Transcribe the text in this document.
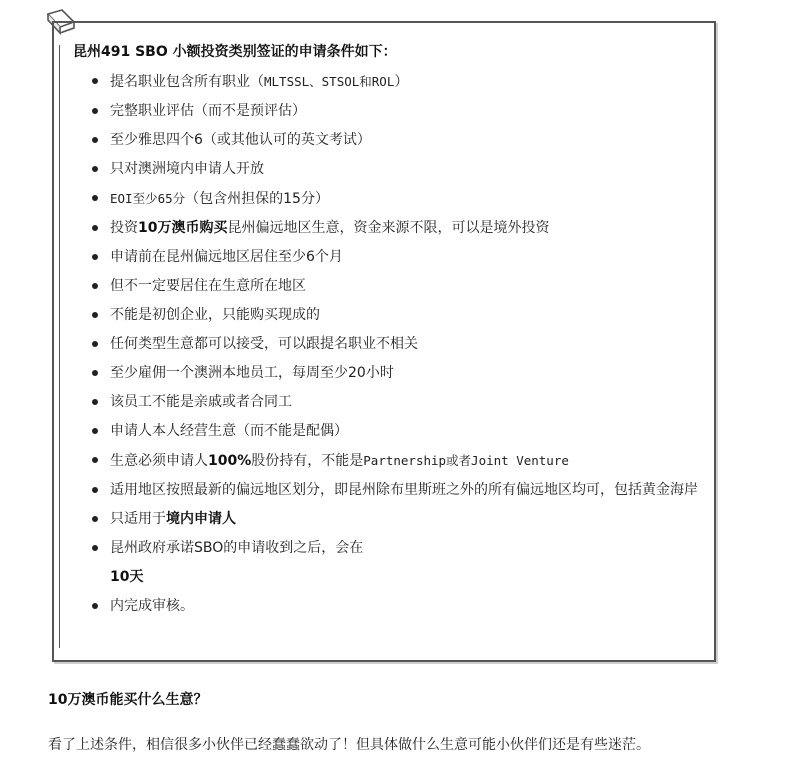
昆州491 SBO 小额投资类别签证的申请条件如下：
提名职业包含所有职业（MLTSSL、STSOL和ROL）
完整职业评估（而不是预评估）
至少雅思四个6（或其他认可的英文考试）
只对澳洲境内申请人开放
EOI至少65分（包含州担保的15分）
投资10万澳币购买昆州偏远地区生意，资金来源不限，可以是境外投资
申请前在昆州偏远地区居住至少6个月
但不一定要居住在生意所在地区
不能是初创企业，只能购买现成的
任何类型生意都可以接受，可以跟提名职业不相关
至少雇佣一个澳洲本地员工，每周至少20小时
该员工不能是亲戚或者合同工
申请人本人经营生意（而不能是配偶）
生意必须申请人100%股份持有，不能是Partnership或者Joint Venture
适用地区按照最新的偏远地区划分，即昆州除布里斯班之外的所有偏远地区均可，包括黄金海岸
只适用于境内申请人
昆州政府承诺SBO的申请收到之后，会在
10天
内完成审核。
10万澳币能买什么生意？
看了上述条件，相信很多小伙伴已经蠢蠢欲动了！但具体做什么生意可能小伙伴们还是有些迷茫。
